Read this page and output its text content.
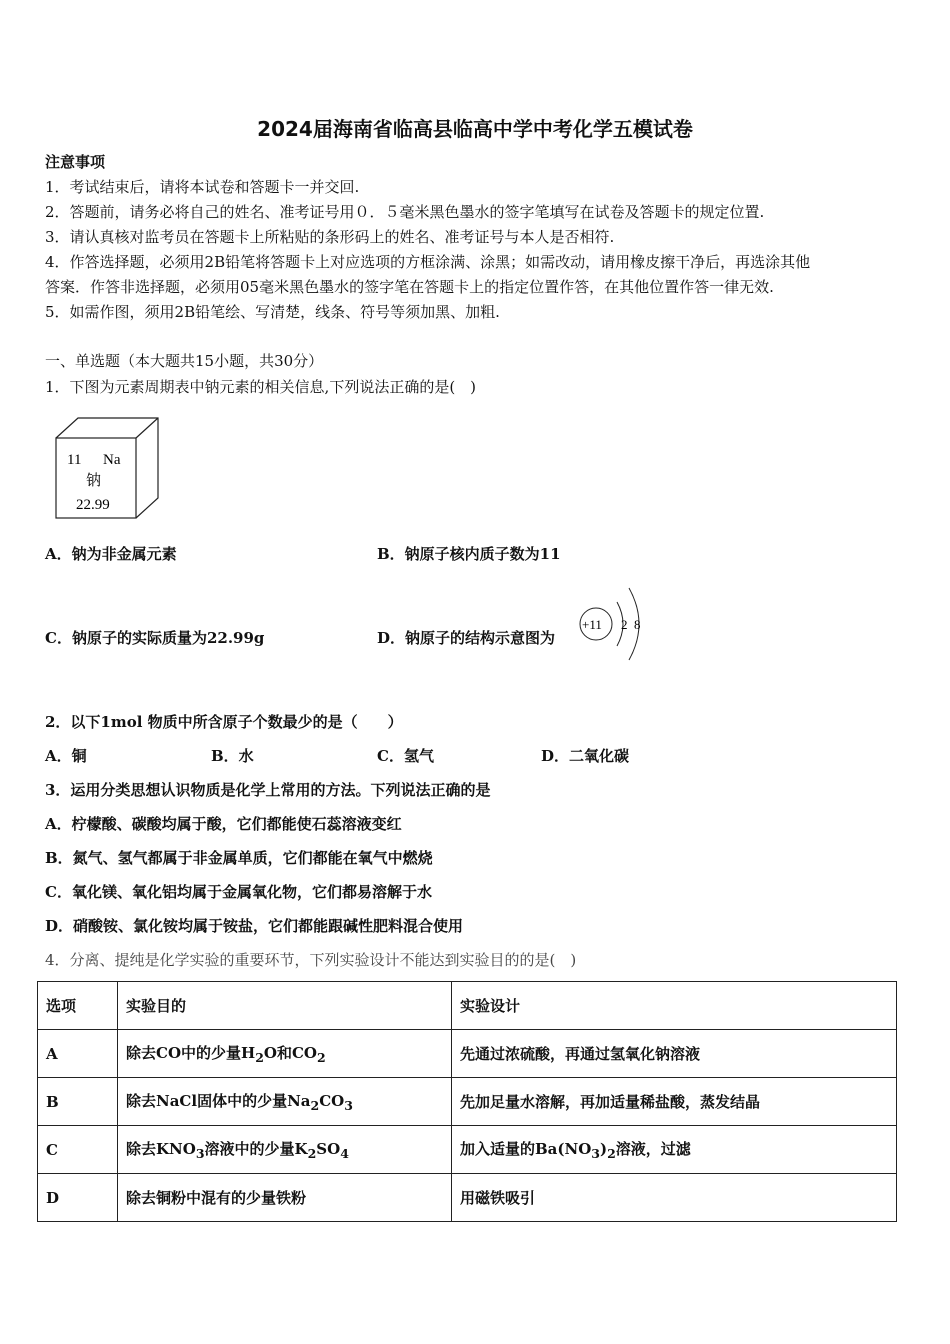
2024届海南省临高县临高中学中考化学五模试卷
注意事项
1．考试结束后，请将本试卷和答题卡一并交回.
2．答题前，请务必将自己的姓名、准考证号用０．５毫米黑色墨水的签字笔填写在试卷及答题卡的规定位置.
3．请认真核对监考员在答题卡上所粘贴的条形码上的姓名、准考证号与本人是否相符.
4．作答选择题，必须用2B铅笔将答题卡上对应选项的方框涂满、涂黑；如需改动，请用橡皮擦干净后，再选涂其他
答案．作答非选择题，必须用05毫米黑色墨水的签字笔在答题卡上的指定位置作答，在其他位置作答一律无效.
5．如需作图，须用2B铅笔绘、写清楚，线条、符号等须加黑、加粗.
一、单选题（本大题共15小题，共30分）
1．下图为元素周期表中钠元素的相关信息,下列说法正确的是(　)
11 Na
钠
22.99
A．钠为非金属元素	B．钠原子核内质子数为11
C．钠原子的实际质量为22.99g	D．钠原子的结构示意图为
+11 2 8
2．以下1mol 物质中所含原子个数最少的是（　　）
A．铜	B．水	C．氢气	D．二氧化碳
3．运用分类思想认识物质是化学上常用的方法。下列说法正确的是
A．柠檬酸、碳酸均属于酸，它们都能使石蕊溶液变红
B．氮气、氢气都属于非金属单质，它们都能在氧气中燃烧
C．氧化镁、氧化铝均属于金属氧化物，它们都易溶解于水
D．硝酸铵、氯化铵均属于铵盐，它们都能跟碱性肥料混合使用
4．分离、提纯是化学实验的重要环节，下列实验设计不能达到实验目的的是(　)
选项	实验目的	实验设计
A	除去CO中的少量$H_2O$和$CO_2$	先通过浓硫酸，再通过氢氧化钠溶液
B	除去NaCl固体中的少量$Na_2CO_3$	先加足量水溶解，再加适量稀盐酸，蒸发结晶
C	除去$KNO_3$溶液中的少量$K_2SO_4$	加入适量的$Ba(NO_3)_2$溶液，过滤
D	除去铜粉中混有的少量铁粉	用磁铁吸引
